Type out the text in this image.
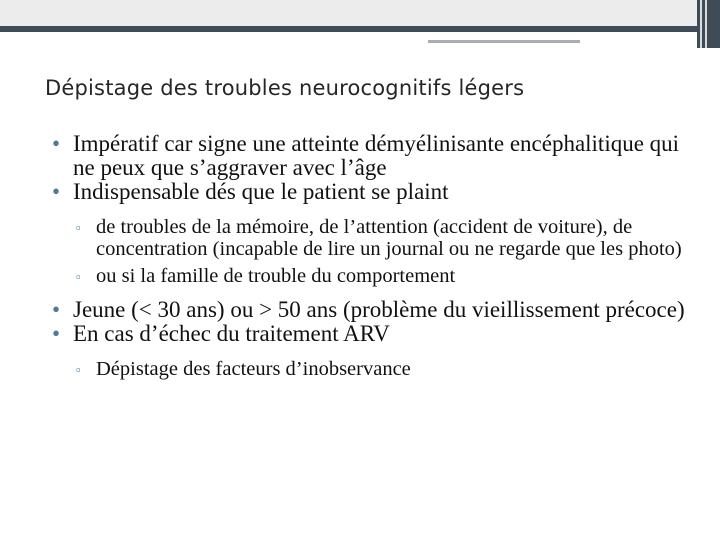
Dépistage des troubles neurocognitifs légers
• Impératif car signe une atteinte démyélinisante encéphalitique qui ne peux que s’aggraver avec l’âge
• Indispensable dés que le patient se plaint
▫ de troubles de la mémoire, de l’attention (accident de voiture), de concentration (incapable de lire un journal ou ne regarde que les photo)
▫ ou si la famille de trouble du comportement
• Jeune (< 30 ans) ou > 50 ans (problème du vieillissement précoce)
• En cas d’échec du traitement ARV
▫ Dépistage des facteurs d’inobservance
